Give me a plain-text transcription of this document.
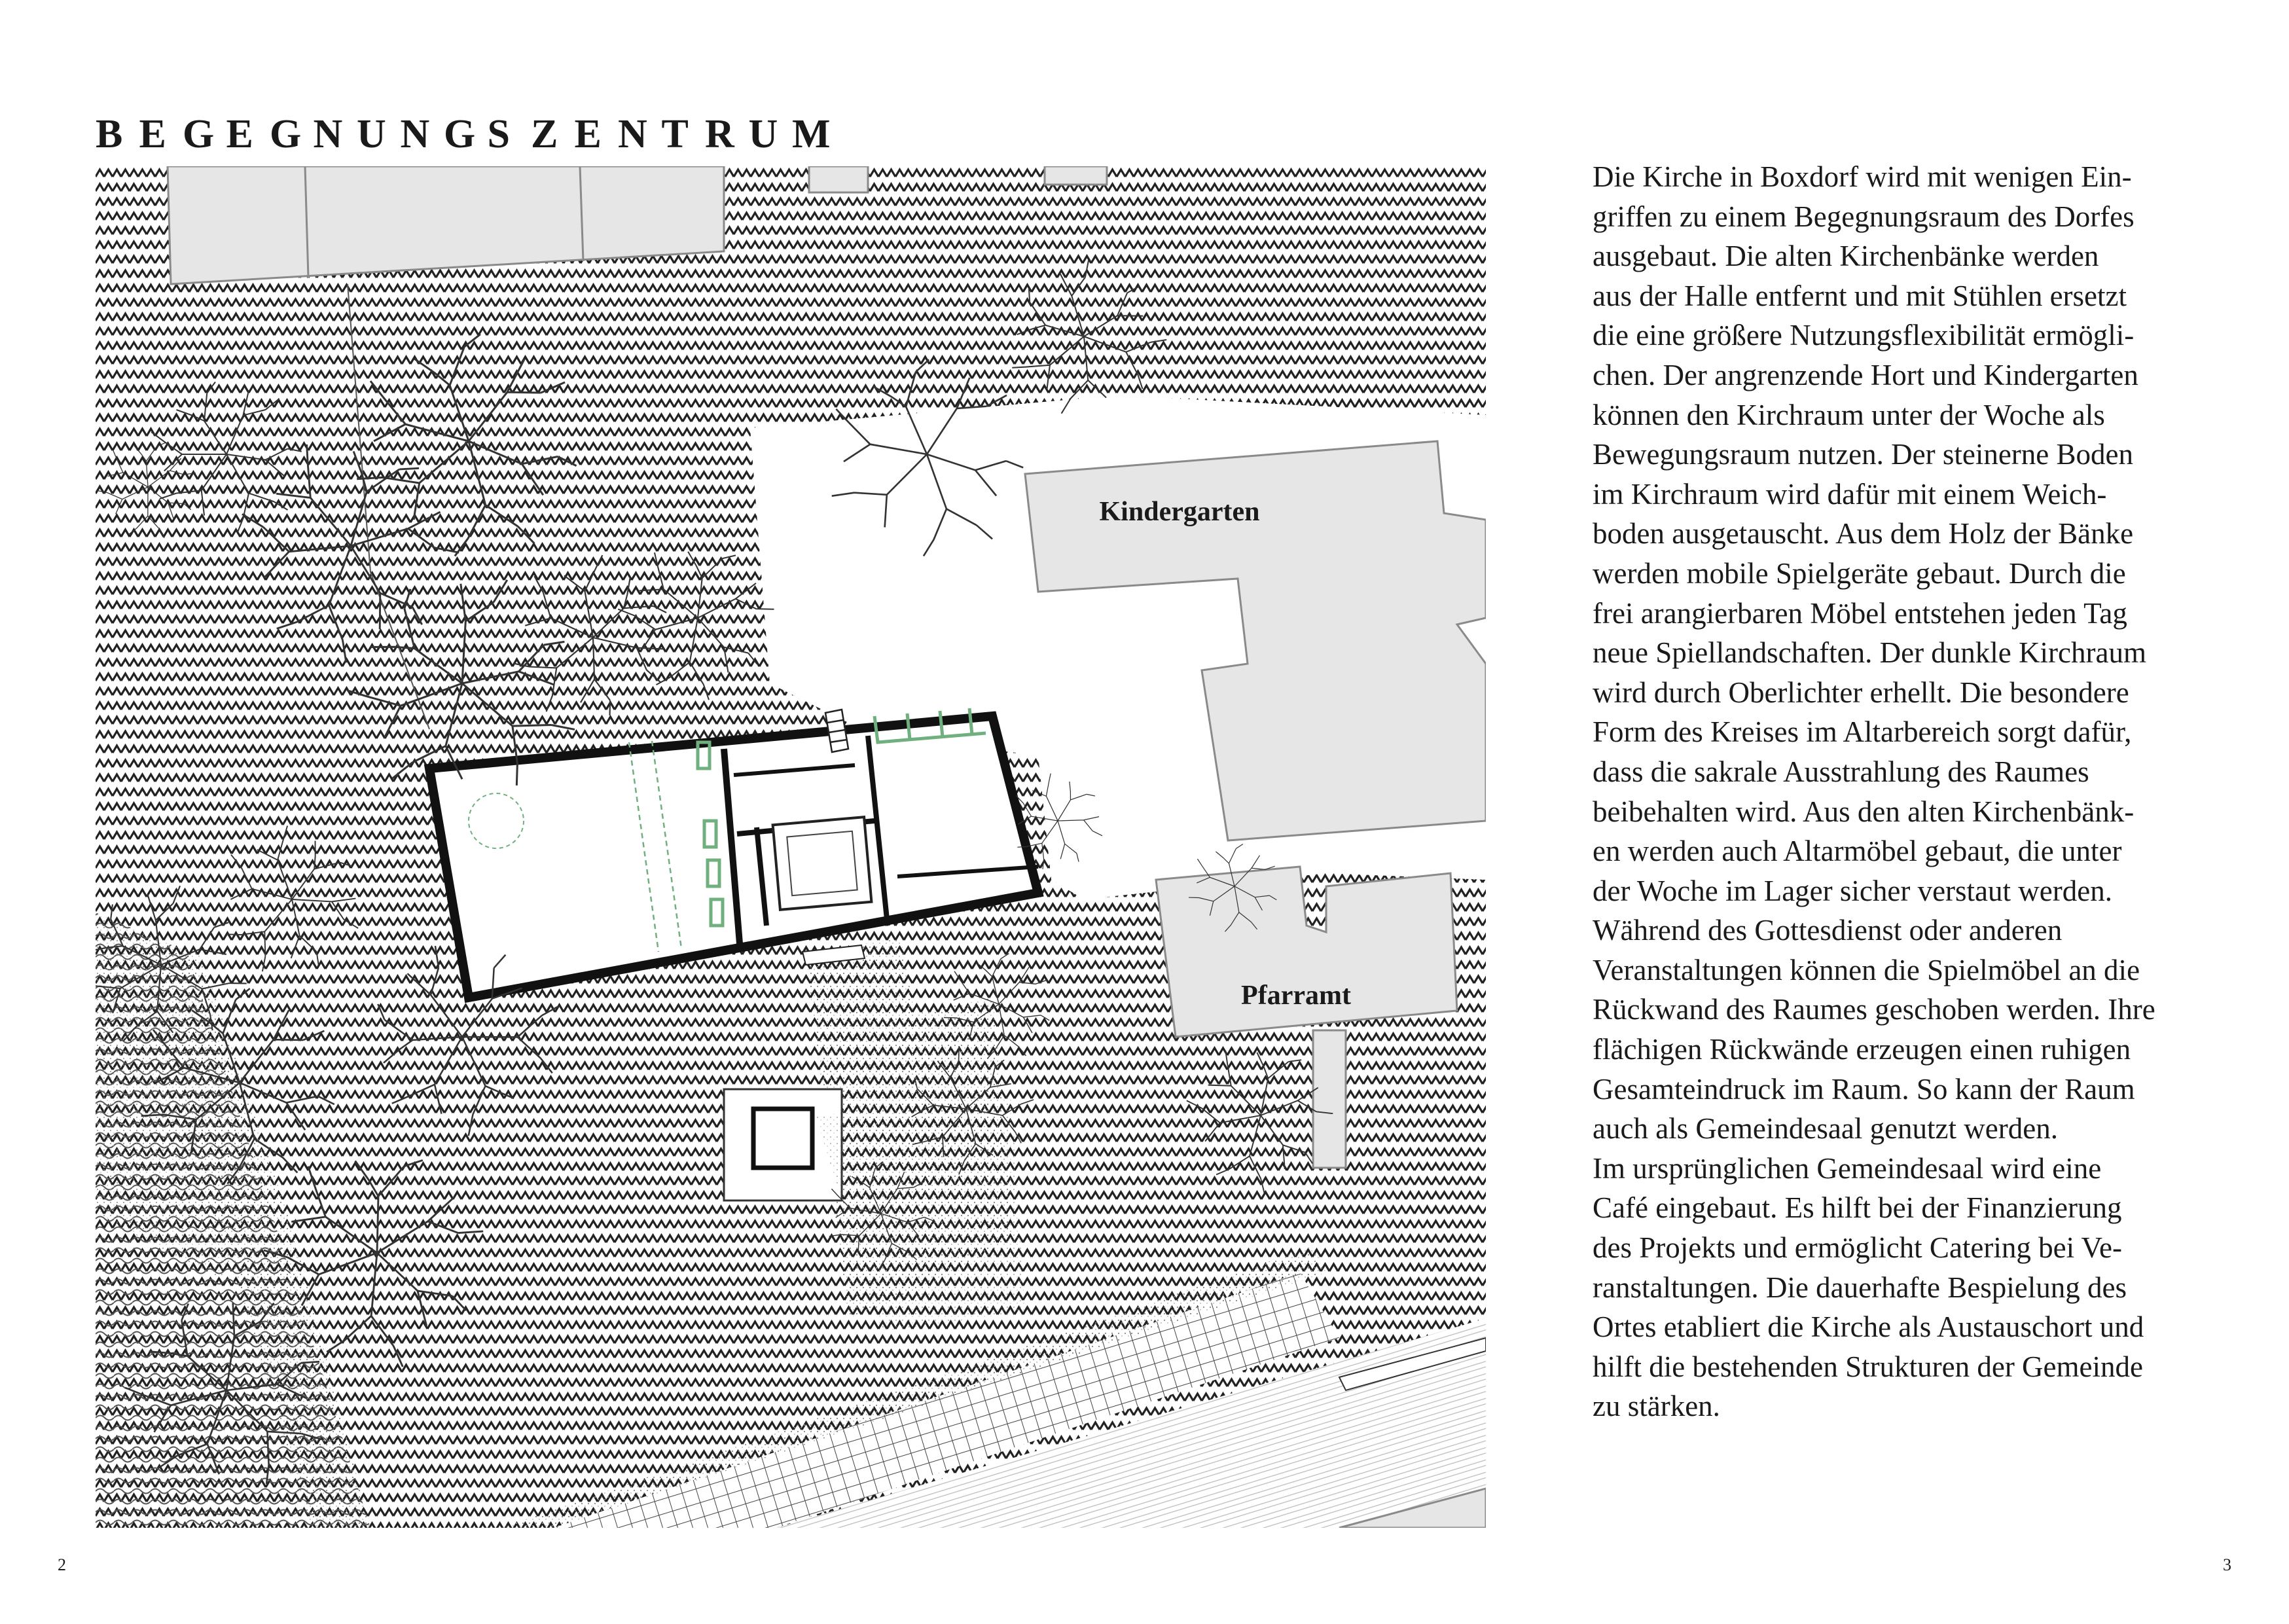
B E G E G N U N G S Z E N T R U M
Kindergarten
Pfarramt

Die Kirche in Boxdorf wird mit wenigen Ein-
griffen zu einem Begegnungsraum des Dorfes
ausgebaut. Die alten Kirchenbänke werden
aus der Halle entfernt und mit Stühlen ersetzt
die eine größere Nutzungsflexibilität ermögli-
chen. Der angrenzende Hort und Kindergarten
können den Kirchraum unter der Woche als
Bewegungsraum nutzen. Der steinerne Boden
im Kirchraum wird dafür mit einem Weich-
boden ausgetauscht. Aus dem Holz der Bänke
werden mobile Spielgeräte gebaut. Durch die
frei arangierbaren Möbel entstehen jeden Tag
neue Spiellandschaften. Der dunkle Kirchraum
wird durch Oberlichter erhellt. Die besondere
Form des Kreises im Altarbereich sorgt dafür,
dass die sakrale Ausstrahlung des Raumes
beibehalten wird. Aus den alten Kirchenbänk-
en werden auch Altarmöbel gebaut, die unter
der Woche im Lager sicher verstaut werden.
Während des Gottesdienst oder anderen
Veranstaltungen können die Spielmöbel an die
Rückwand des Raumes geschoben werden. Ihre
flächigen Rückwände erzeugen einen ruhigen
Gesamteindruck im Raum. So kann der Raum
auch als Gemeindesaal genutzt werden.

Im ursprünglichen Gemeindesaal wird eine
Café eingebaut. Es hilft bei der Finanzierung
des Projekts und ermöglicht Catering bei Ve-
ranstaltungen. Die dauerhafte Bespielung des
Ortes etabliert die Kirche als Austauschort und
hilft die bestehenden Strukturen der Gemeinde
zu stärken.

2	3
